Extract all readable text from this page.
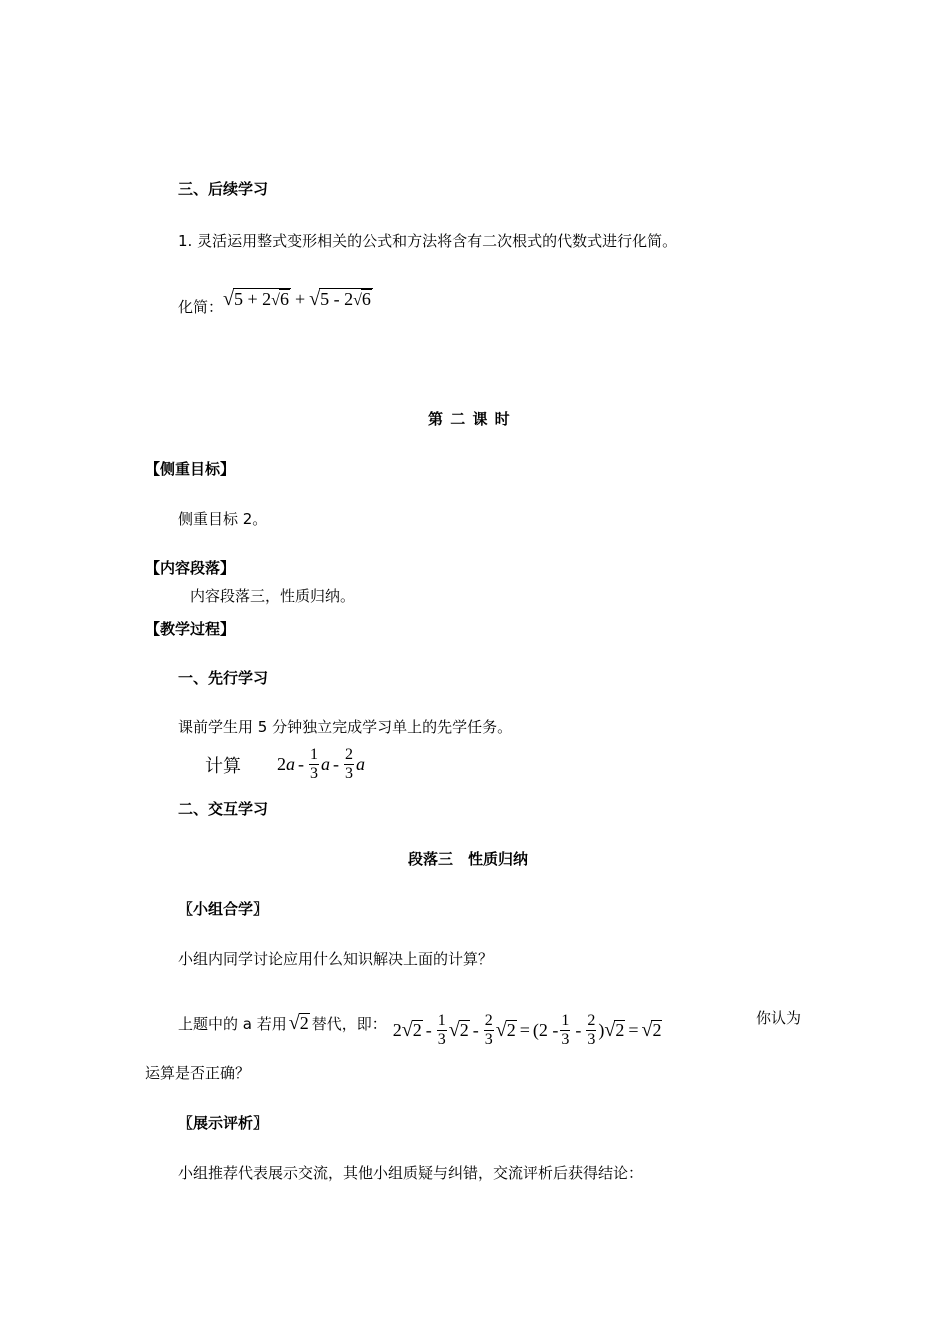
三、后续学习
1. 灵活运用整式变形相关的公式和方法将含有二次根式的代数式进行化简。
化简： √5 + 2√6 + √5 - 2√6
第 二 课 时
【侧重目标】
侧重目标 2。
【内容段落】
内容段落三，性质归纳。
【教学过程】
一、先行学习
课前学生用 5 分钟独立完成学习单上的先学任务。
计算 2 a - $\frac{1}{3}$ a - $\frac{2}{3}$ a
二、交互学习
段落三　性质归纳
〖小组合学〗
小组内同学讨论应用什么知识解决上面的计算？
上题中的 a 若用 √2 替代，即： 2 $√2 - \frac{1}{3} √2 - \frac{2}{3} √2 = (2 - \frac{1}{3} - \frac{2}{3}$ ) √2 = √2
你认为
运算是否正确？
〖展示评析〗
小组推荐代表展示交流，其他小组质疑与纠错，交流评析后获得结论：
